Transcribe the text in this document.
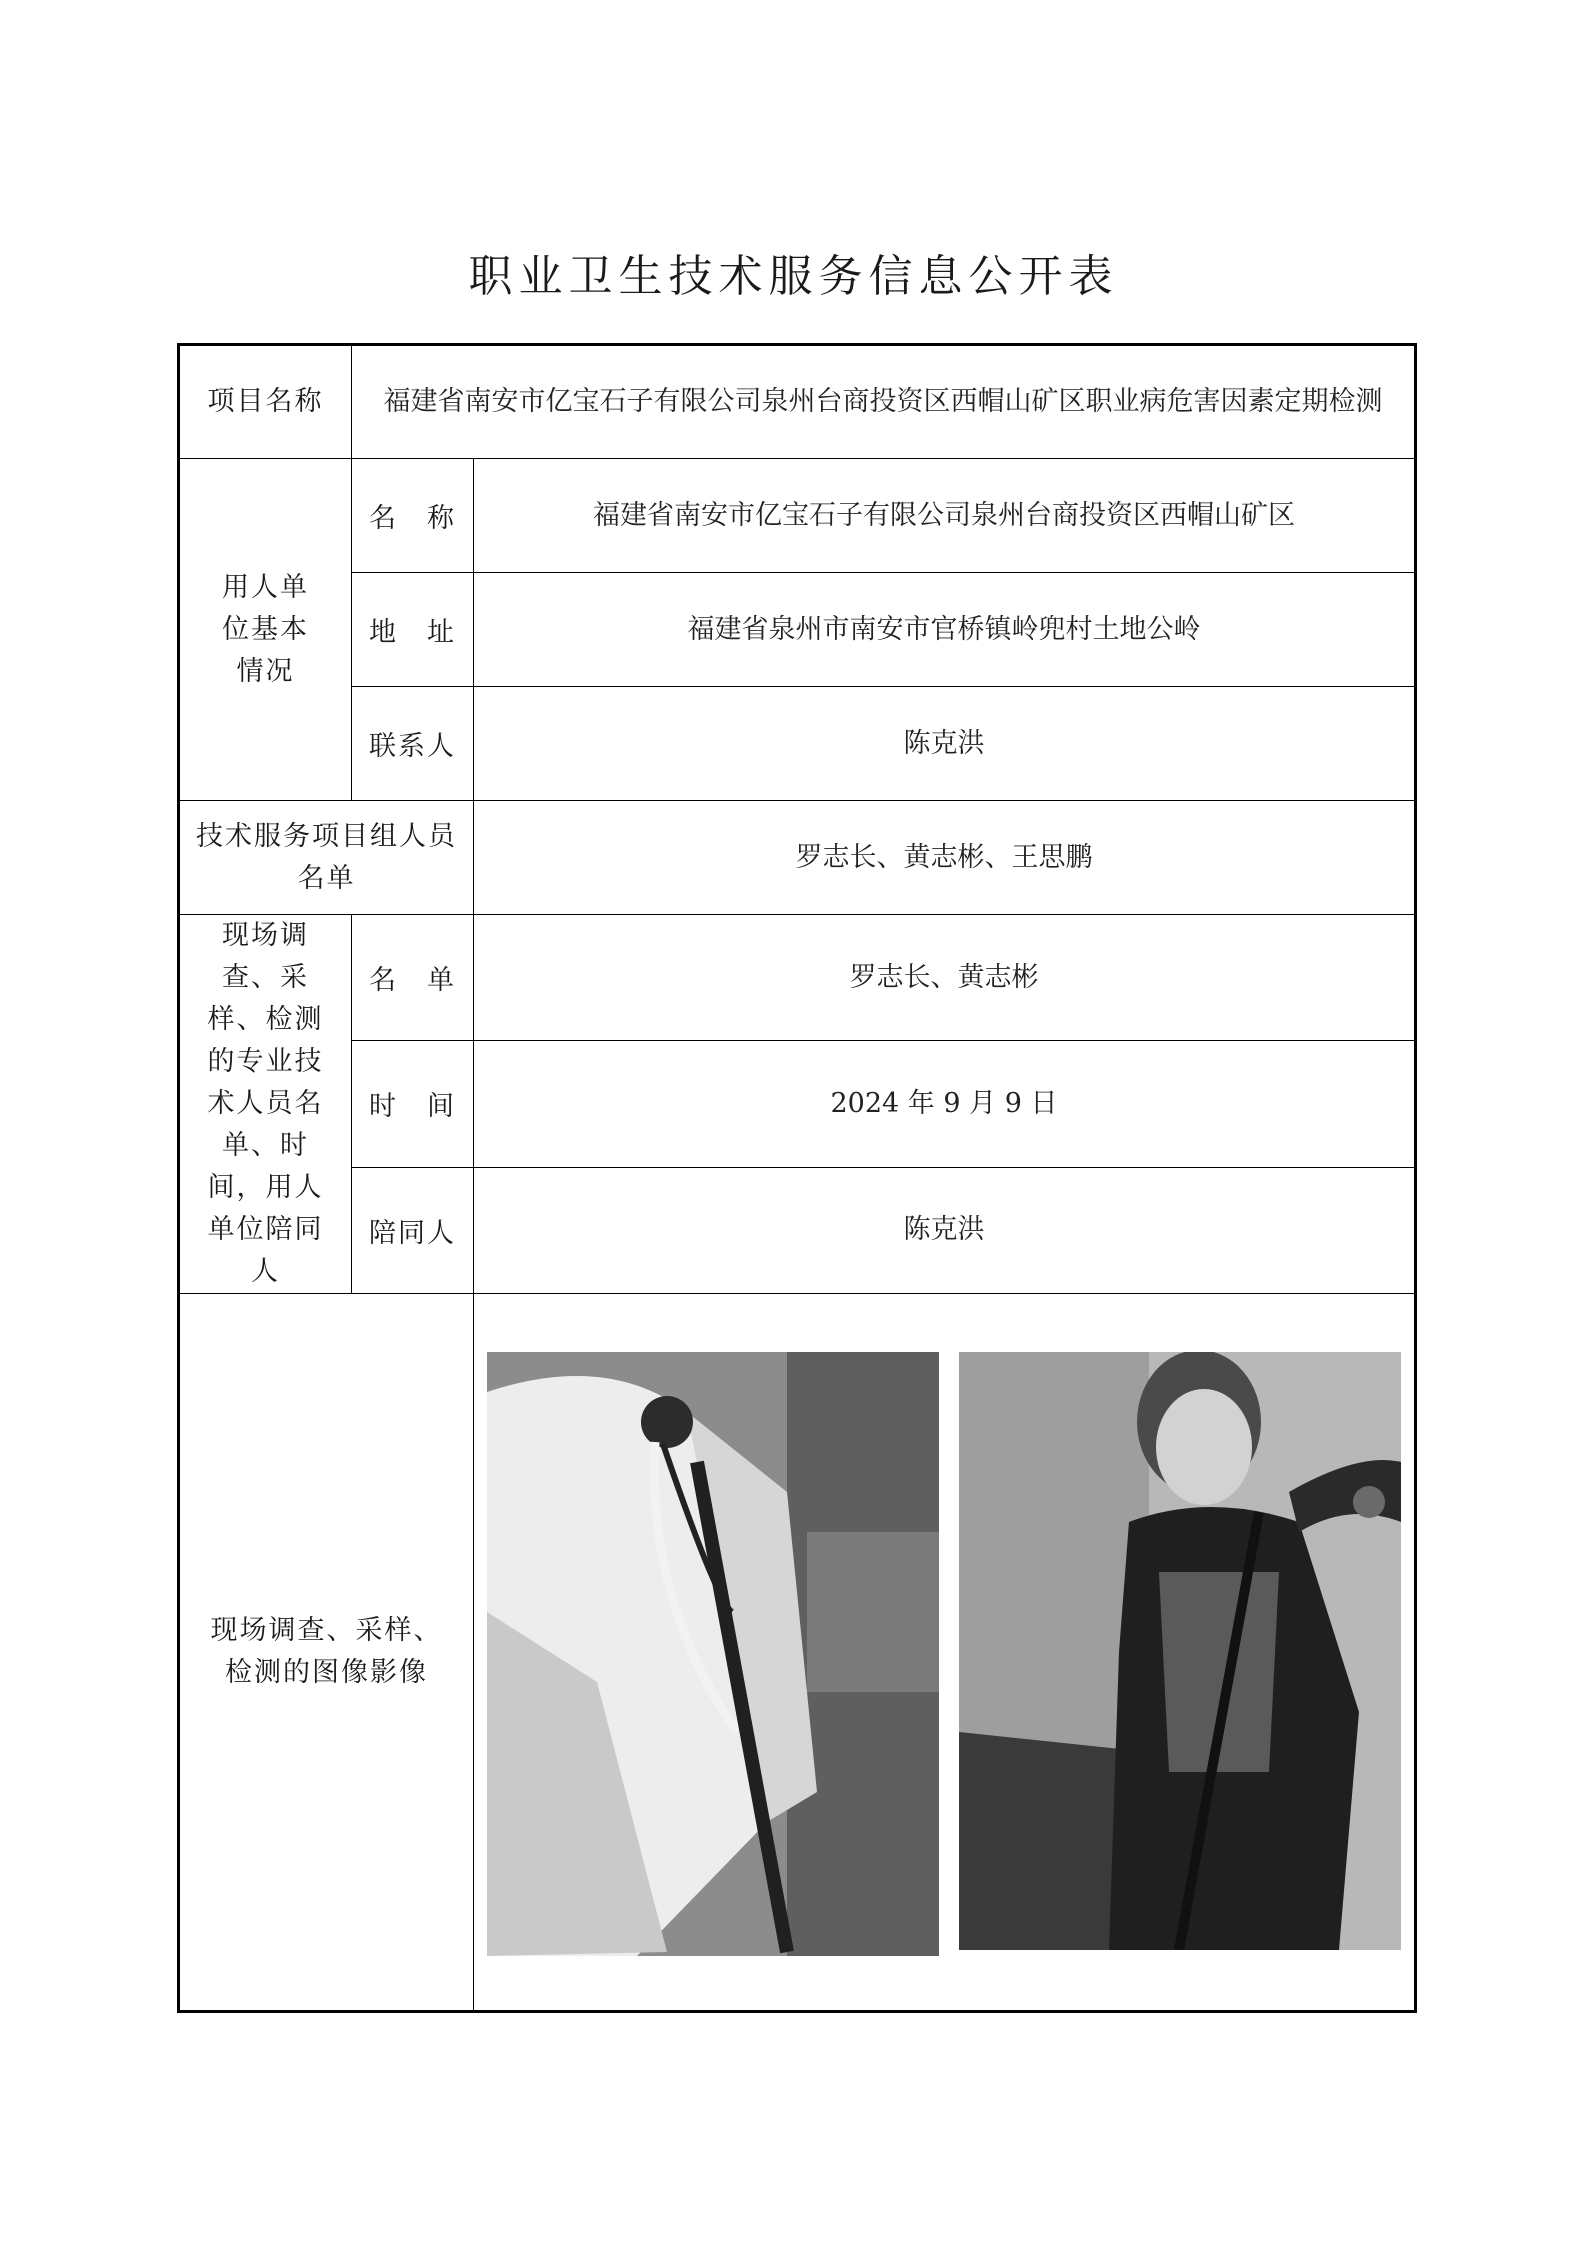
职业卫生技术服务信息公开表
项目名称	福建省南安市亿宝石子有限公司泉州台商投资区西帽山矿区职业病危害因素定期检测	
用人单位基本情况	名　称	福建省南安市亿宝石子有限公司泉州台商投资区西帽山矿区
	地　址	福建省泉州市南安市官桥镇岭兜村土地公岭
	联系人	陈克洪
技术服务项目组人员名单		罗志长、黄志彬、王思鹏
现场调查、采样、检测的专业技术人员名单、时间，用人单位陪同人	名　单	罗志长、黄志彬
	时　间	2024 年 9 月 9 日
	陪同人	陈克洪
现场调查、采样、检测的图像影像	
